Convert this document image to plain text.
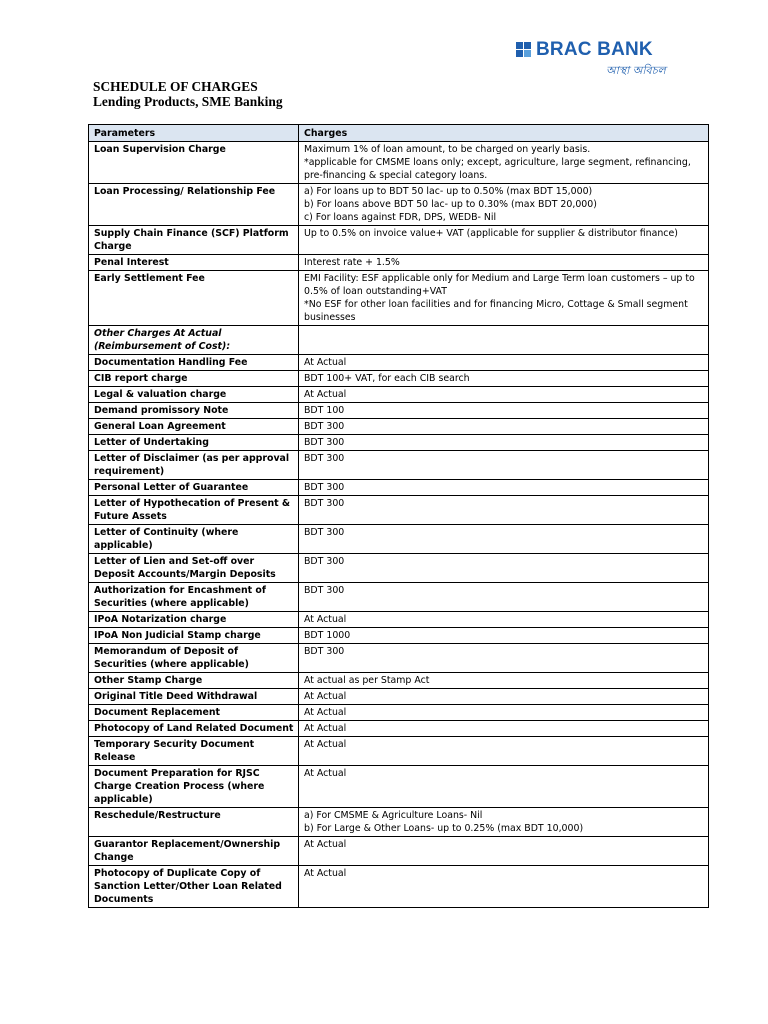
BRAC BANK
আস্থা অবিচল
SCHEDULE OF CHARGES
Lending Products, SME Banking
Parameters	Charges
Loan Supervision Charge	Maximum 1% of loan amount, to be charged on yearly basis.
*applicable for CMSME loans only; except, agriculture, large segment, refinancing, pre-financing & special category loans.

Loan Processing/ Relationship Fee	a) For loans up to BDT 50 lac- up to 0.50% (max BDT 15,000)
b) For loans above BDT 50 lac- up to 0.30% (max BDT 20,000)
c) For loans against FDR, DPS, WEDB- Nil

Supply Chain Finance (SCF) Platform Charge	Up to 0.5% on invoice value+ VAT (applicable for supplier & distributor finance)

Penal Interest	Interest rate + 1.5%

Early Settlement Fee	EMI Facility: ESF applicable only for Medium and Large Term loan customers – up to 0.5% of loan outstanding+VAT
*No ESF for other loan facilities and for financing Micro, Cottage & Small segment businesses

Other Charges At Actual (Reimbursement of Cost):	
Documentation Handling Fee	At Actual

CIB report charge	BDT 100+ VAT, for each CIB search

Legal & valuation charge	At Actual

Demand promissory Note	BDT 100

General Loan Agreement	BDT 300

Letter of Undertaking	BDT 300

Letter of Disclaimer (as per approval requirement)	BDT 300

Personal Letter of Guarantee	BDT 300

Letter of Hypothecation of Present & Future Assets	BDT 300

Letter of Continuity (where applicable)	BDT 300

Letter of Lien and Set-off over Deposit Accounts/Margin Deposits	BDT 300

Authorization for Encashment of Securities (where applicable)	BDT 300

IPoA Notarization charge	At Actual

IPoA Non Judicial Stamp charge	BDT 1000

Memorandum of Deposit of Securities (where applicable)	BDT 300

Other Stamp Charge	At actual as per Stamp Act

Original Title Deed Withdrawal	At Actual

Document Replacement	At Actual

Photocopy of Land Related Document	At Actual

Temporary Security Document Release	At Actual

Document Preparation for RJSC Charge Creation Process (where applicable)	At Actual

Reschedule/Restructure	a) For CMSME & Agriculture Loans- Nil
b) For Large & Other Loans- up to 0.25% (max BDT 10,000)

Guarantor Replacement/Ownership Change	At Actual

Photocopy of Duplicate Copy of Sanction Letter/Other Loan Related Documents	At Actual
